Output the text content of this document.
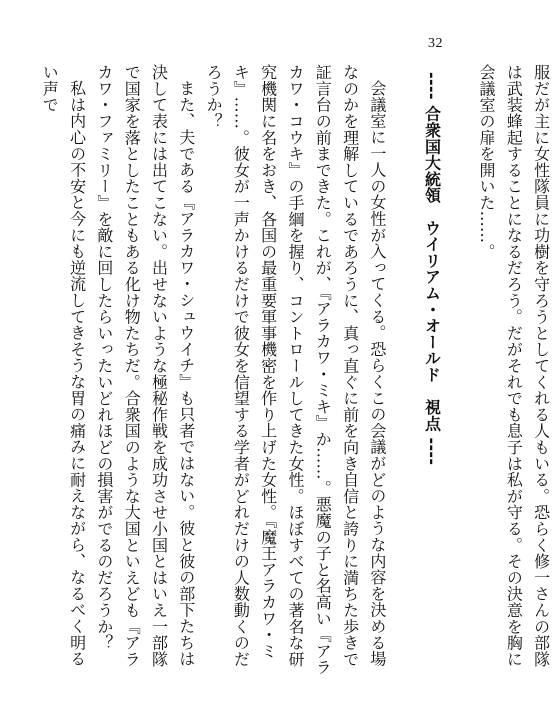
32

服だが主に女性隊員に功樹を守ろうとしてくれる人もいる。恐らく修一さんの部隊は武装蜂起することになるだろう。だがそれでも息子は私が守る。その決意を胸に会議室の扉を開いた……。

---- 合衆国大統領　ウイリアム・オールド　視点 ----

会議室に一人の女性が入ってくる。恐らくこの会議がどのような内容を決める場なのかを理解しているであろうに、真っ直ぐに前を向き自信と誇りに満ちた歩きで証言台の前まできた。これが、『アラカワ・ミキ』か……。悪魔の子と名高い『アラカワ・コウキ』の手綱を握り、コントロールしてきた女性。ほぼすべての著名な研究機関に名をおき、各国の最重要軍事機密を作り上げた女性。『魔王アラカワ・ミキ』……。彼女が一声かけるだけで彼女を信望する学者がどれだけの人数動くのだろうか？

また、夫である『アラカワ・シュウイチ』も只者ではない。彼と彼の部下たちは決して表には出てこない。出せないような極秘作戦を成功させ小国とはいえ一部隊で国家を落としたこともある化け物たちだ。合衆国のような大国といえども『アラカワ・ファミリー』を敵に回したらいったいどれほどの損害がでるのだろうか？

私は内心の不安と今にも逆流してきそうな胃の痛みに耐えながら、なるべく明るい声で
